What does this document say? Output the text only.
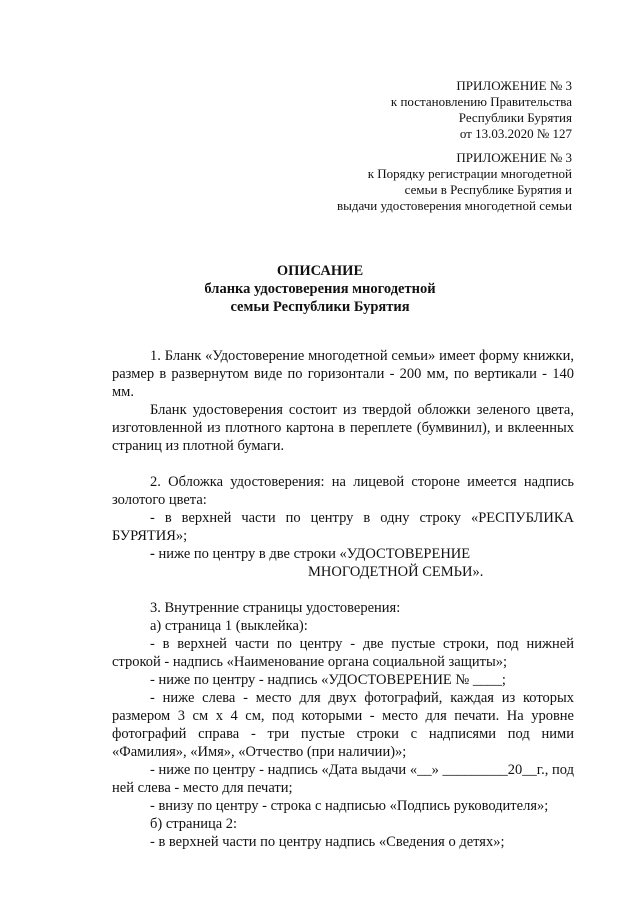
ПРИЛОЖЕНИЕ № 3
к постановлению Правительства
Республики Бурятия
от 13.03.2020 № 127
ПРИЛОЖЕНИЕ № 3
к Порядку регистрации многодетной
семьи в Республике Бурятия и
выдачи удостоверения многодетной семьи
ОПИСАНИЕ
бланка удостоверения многодетной
семьи Республики Бурятия

1. Бланк «Удостоверение многодетной семьи» имеет форму книжки, размер в развернутом виде по горизонтали - 200 мм, по вертикали - 140 мм.

Бланк удостоверения состоит из твердой обложки зеленого цвета, изготовленной из плотного картона в переплете (бумвинил), и вклеенных страниц из плотной бумаги.

2. Обложка удостоверения: на лицевой стороне имеется надпись золотого цвета:

- в верхней части по центру в одну строку «РЕСПУБЛИКА БУРЯТИЯ»;

- ниже по центру в две строки «УДОСТОВЕРЕНИЕ

МНОГОДЕТНОЙ СЕМЬИ».

3. Внутренние страницы удостоверения:

а) страница 1 (выклейка):

- в верхней части по центру - две пустые строки, под нижней строкой - надпись «Наименование органа социальной защиты»;

- ниже по центру - надпись «УДОСТОВЕРЕНИЕ № ____;

- ниже слева - место для двух фотографий, каждая из которых размером 3 см х 4 см, под которыми - место для печати. На уровне фотографий справа - три пустые строки с надписями под ними «Фамилия», «Имя», «Отчество (при наличии)»;

- ниже по центру - надпись «Дата выдачи «__» _________20__г., под ней слева - место для печати;

- внизу по центру - строка с надписью «Подпись руководителя»;

б) страница 2:

- в верхней части по центру надпись «Сведения о детях»;
